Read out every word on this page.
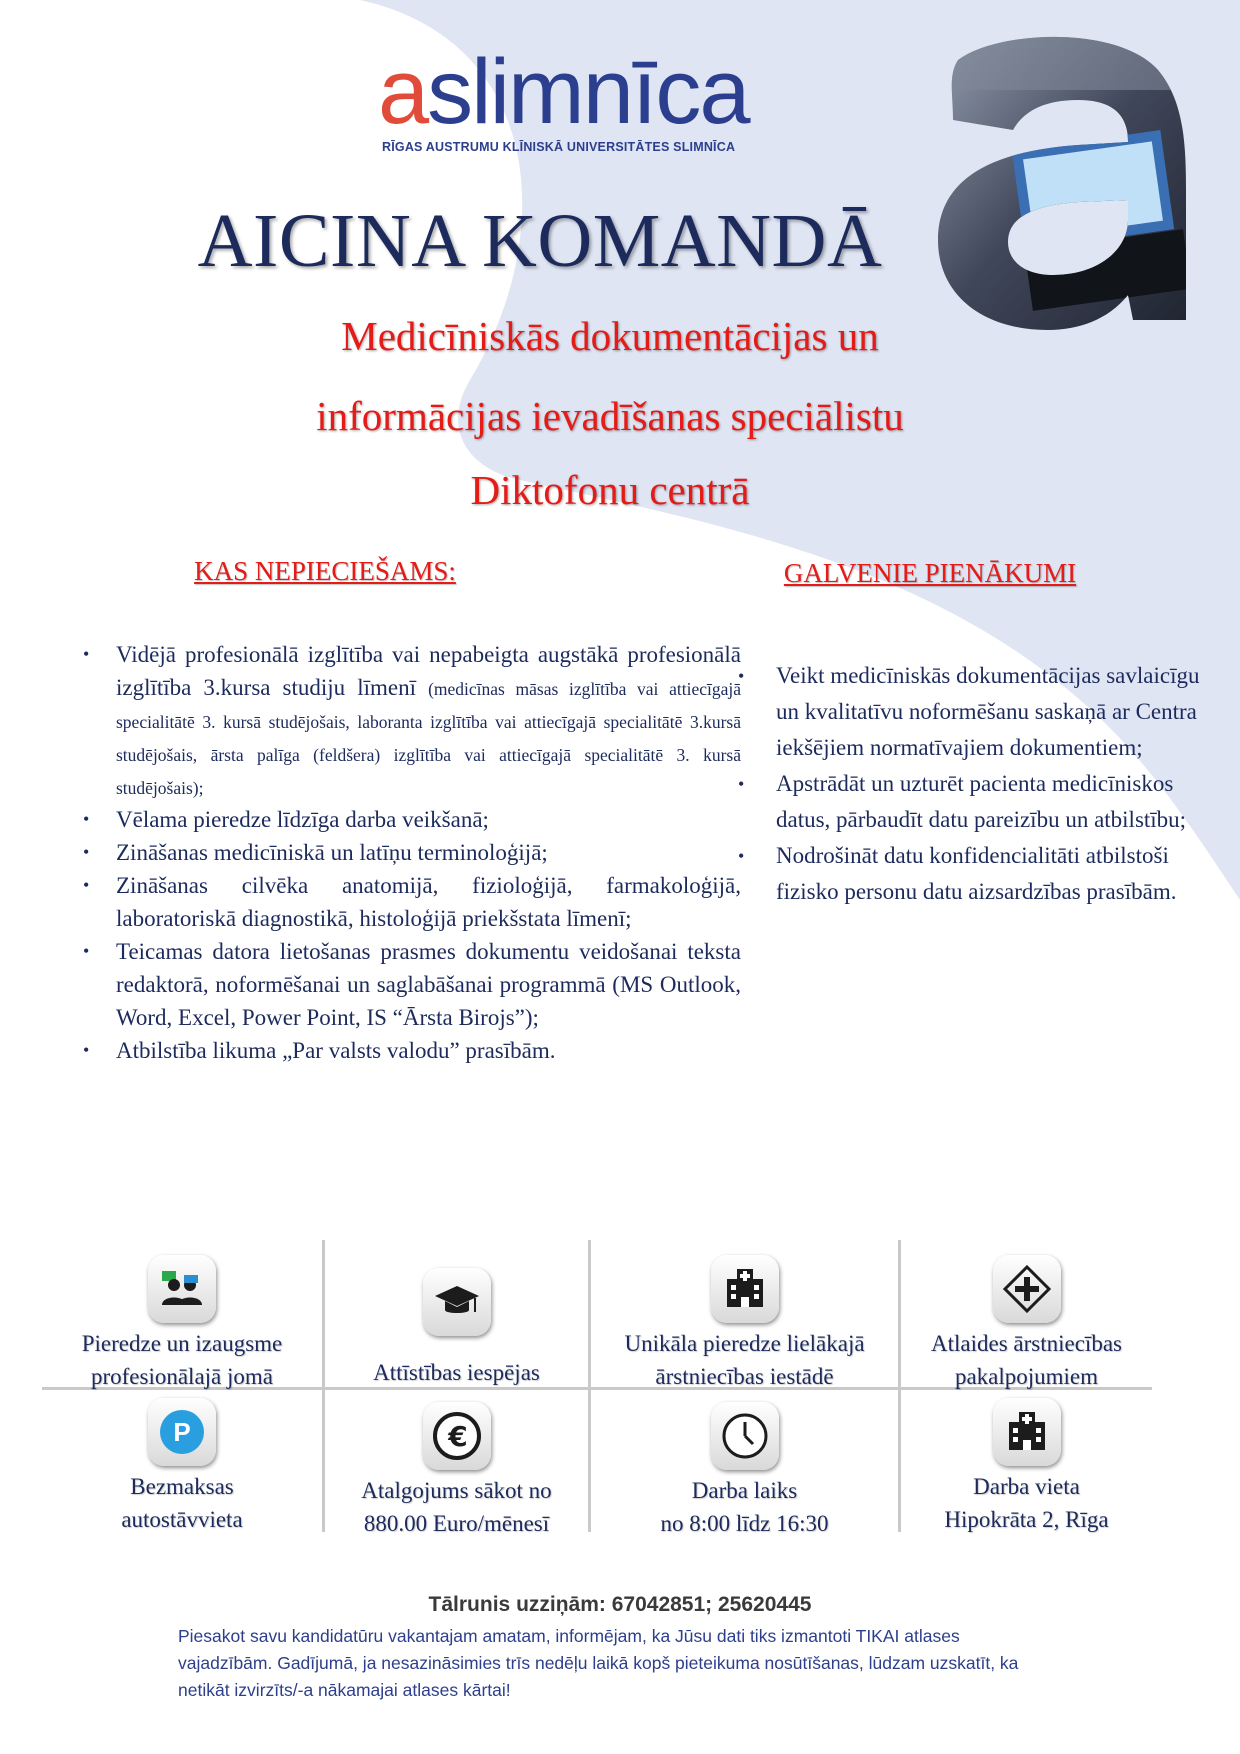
aslimnīca
RĪGAS AUSTRUMU KLĪNISKĀ UNIVERSITĀTES SLIMNĪCA
AICINA KOMANDĀ
Medicīniskās dokumentācijas un
informācijas ievadīšanas speciālistu
Diktofonu centrā
KAS NEPIECIEŠAMS:	GALVENIE PIENĀKUMI
• Vidējā profesionālā izglītība vai nepabeigta augstākā profesionālā izglītība 3.kursa studiju līmenī (medicīnas māsas izglītība vai attiecīgajā specialitātē 3. kursā studējošais, laboranta izglītība vai attiecīgajā specialitātē 3.kursā studējošais, ārsta palīga (feldšera) izglītība vai attiecīgajā specialitātē 3. kursā studējošais);
• Vēlama pieredze līdzīga darba veikšanā;
• Zināšanas medicīniskā un latīņu terminoloģijā;
• Zināšanas cilvēka anatomijā, fizioloģijā, farmakoloģijā, laboratoriskā diagnostikā, histoloģijā priekšstata līmenī;
• Teicamas datora lietošanas prasmes dokumentu veidošanai teksta redaktorā, noformēšanai un saglabāšanai programmā (MS Outlook, Word, Excel, Power Point, IS “Ārsta Birojs”);
• Atbilstība likuma „Par valsts valodu” prasībām.
• Veikt medicīniskās dokumentācijas savlaicīgu un kvalitatīvu noformēšanu saskaņā ar Centra iekšējiem normatīvajiem dokumentiem;
• Apstrādāt un uzturēt pacienta medicīniskos datus, pārbaudīt datu pareizību un atbilstību;
• Nodrošināt datu konfidencialitāti atbilstoši fizisko personu datu aizsardzības prasībām.
Pieredze un izaugsme
profesionālajā jomā	Attīstības iespējas
Unikāla pieredze lielākajā
ārstniecības iestādē
Atlaides ārstniecības
pakalpojumiem
P
Bezmaksas
autostāvvieta
€
Atalgojums sākot no
880.00 Euro/mēnesī
Darba laiks
no 8:00 līdz 16:30
Darba vieta
Hipokrāta 2, Rīga
Tālrunis uzziņām: 67042851; 25620445
Piesakot savu kandidatūru vakantajam amatam, informējam, ka Jūsu dati tiks izmantoti TIKAI atlases vajadzībām. Gadījumā, ja nesazināsimies trīs nedēļu laikā kopš pieteikuma nosūtīšanas, lūdzam uzskatīt, ka netikāt izvirzīts/-a nākamajai atlases kārtai!
